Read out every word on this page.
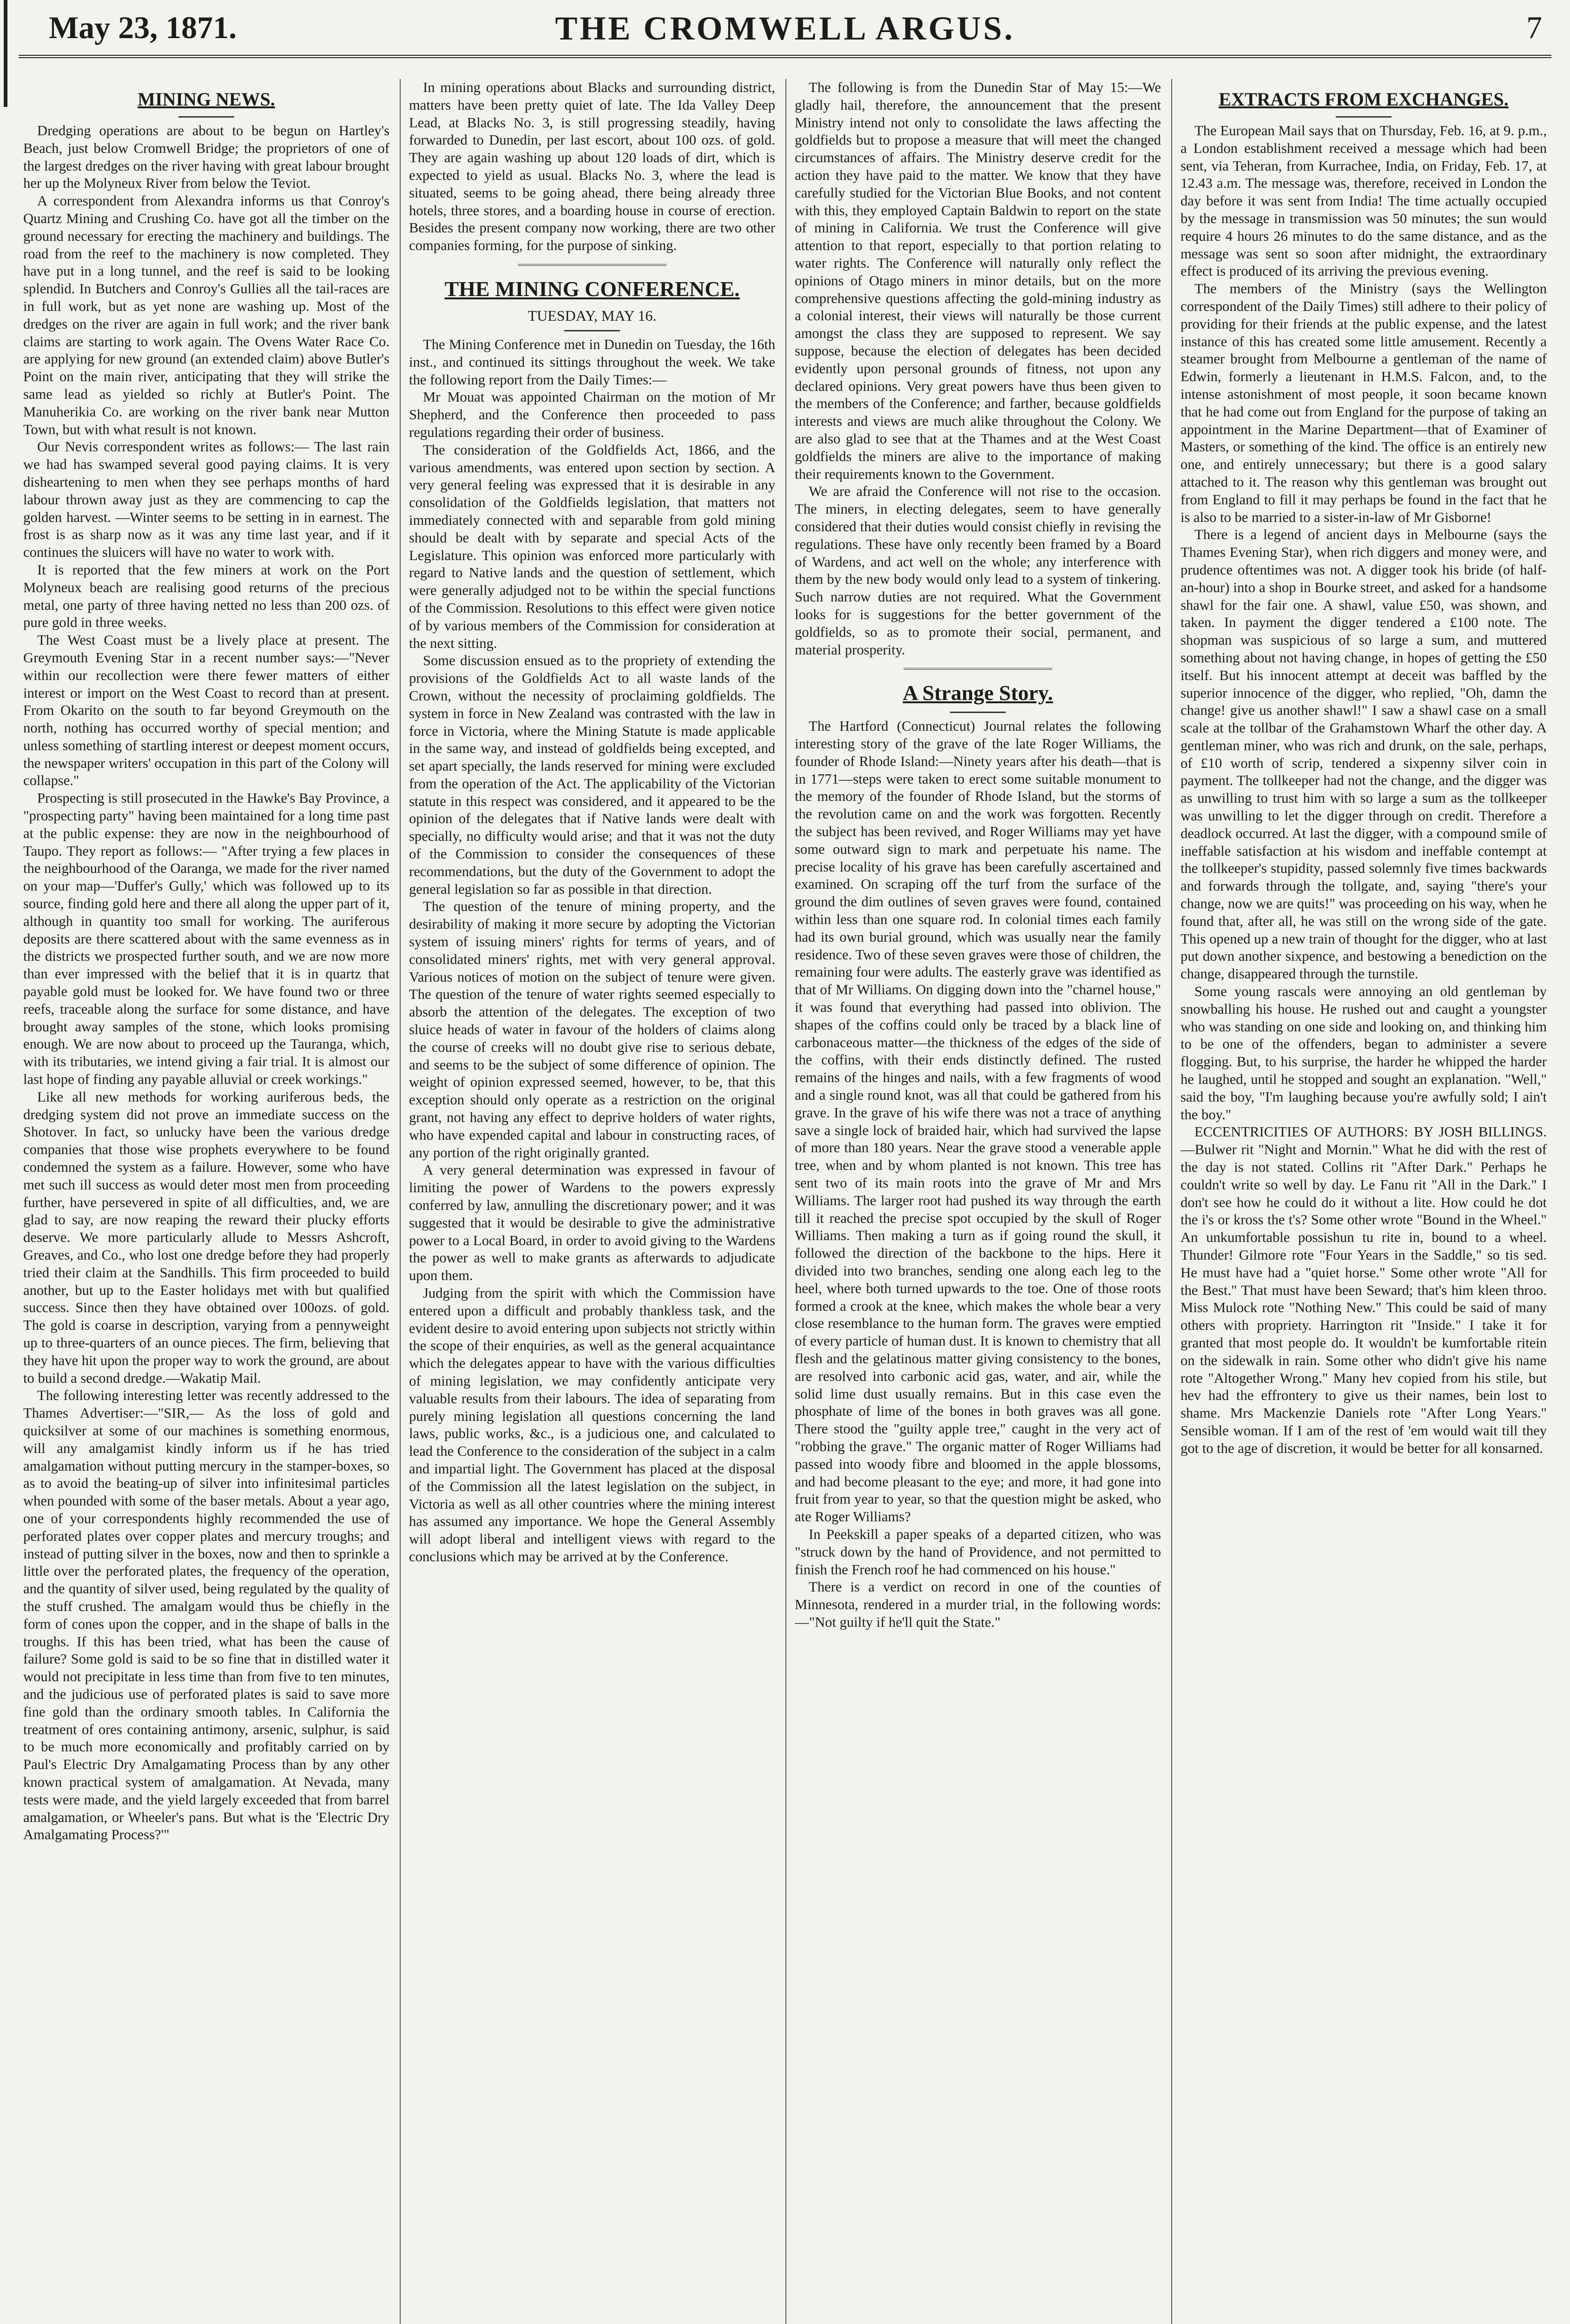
May 23, 1871.	THE CROMWELL ARGUS.	7
MINING NEWS.

Dredging operations are about to be begun on Hartley's Beach, just below Cromwell Bridge; the proprietors of one of the largest dredges on the river having with great labour brought her up the Molyneux River from below the Teviot.

A correspondent from Alexandra informs us that Conroy's Quartz Mining and Crushing Co. have got all the timber on the ground necessary for erecting the machinery and buildings. The road from the reef to the machinery is now completed. They have put in a long tunnel, and the reef is said to be looking splendid. In Butchers and Conroy's Gullies all the tail-races are in full work, but as yet none are washing up. Most of the dredges on the river are again in full work; and the river bank claims are starting to work again. The Ovens Water Race Co. are applying for new ground (an extended claim) above Butler's Point on the main river, anticipating that they will strike the same lead as yielded so richly at Butler's Point. The Manuherikia Co. are working on the river bank near Mutton Town, but with what result is not known.

Our Nevis correspondent writes as follows:— The last rain we had has swamped several good paying claims. It is very disheartening to men when they see perhaps months of hard labour thrown away just as they are commencing to cap the golden harvest. —Winter seems to be setting in in earnest. The frost is as sharp now as it was any time last year, and if it continues the sluicers will have no water to work with.

It is reported that the few miners at work on the Port Molyneux beach are realising good returns of the precious metal, one party of three having netted no less than 200 ozs. of pure gold in three weeks.

The West Coast must be a lively place at present. The Greymouth Evening Star in a recent number says:—"Never within our recollection were there fewer matters of either interest or import on the West Coast to record than at present. From Okarito on the south to far beyond Greymouth on the north, nothing has occurred worthy of special mention; and unless something of startling interest or deepest moment occurs, the newspaper writers' occupation in this part of the Colony will collapse."

Prospecting is still prosecuted in the Hawke's Bay Province, a "prospecting party" having been maintained for a long time past at the public expense: they are now in the neighbourhood of Taupo. They report as follows:— "After trying a few places in the neighbourhood of the Oaranga, we made for the river named on your map—'Duffer's Gully,' which was followed up to its source, finding gold here and there all along the upper part of it, although in quantity too small for working. The auriferous deposits are there scattered about with the same evenness as in the districts we prospected further south, and we are now more than ever impressed with the belief that it is in quartz that payable gold must be looked for. We have found two or three reefs, traceable along the surface for some distance, and have brought away samples of the stone, which looks promising enough. We are now about to proceed up the Tauranga, which, with its tributaries, we intend giving a fair trial. It is almost our last hope of finding any payable alluvial or creek workings."

Like all new methods for working auriferous beds, the dredging system did not prove an immediate success on the Shotover. In fact, so unlucky have been the various dredge companies that those wise prophets everywhere to be found condemned the system as a failure. However, some who have met such ill success as would deter most men from proceeding further, have persevered in spite of all difficulties, and, we are glad to say, are now reaping the reward their plucky efforts deserve. We more particularly allude to Messrs Ashcroft, Greaves, and Co., who lost one dredge before they had properly tried their claim at the Sandhills. This firm proceeded to build another, but up to the Easter holidays met with but qualified success. Since then they have obtained over 100ozs. of gold. The gold is coarse in description, varying from a pennyweight up to three-quarters of an ounce pieces. The firm, believing that they have hit upon the proper way to work the ground, are about to build a second dredge.—Wakatip Mail.

The following interesting letter was recently addressed to the Thames Advertiser:—"SIR,— As the loss of gold and quicksilver at some of our machines is something enormous, will any amalgamist kindly inform us if he has tried amalgamation without putting mercury in the stamper-boxes, so as to avoid the beating-up of silver into infinitesimal particles when pounded with some of the baser metals. About a year ago, one of your correspondents highly recommended the use of perforated plates over copper plates and mercury troughs; and instead of putting silver in the boxes, now and then to sprinkle a little over the perforated plates, the frequency of the operation, and the quantity of silver used, being regulated by the quality of the stuff crushed. The amalgam would thus be chiefly in the form of cones upon the copper, and in the shape of balls in the troughs. If this has been tried, what has been the cause of failure? Some gold is said to be so fine that in distilled water it would not precipitate in less time than from five to ten minutes, and the judicious use of perforated plates is said to save more fine gold than the ordinary smooth tables. In California the treatment of ores containing antimony, arsenic, sulphur, is said to be much more economically and profitably carried on by Paul's Electric Dry Amalgamating Process than by any other known practical system of amalgamation. At Nevada, many tests were made, and the yield largely exceeded that from barrel amalgamation, or Wheeler's pans. But what is the 'Electric Dry Amalgamating Process?'"

In mining operations about Blacks and surrounding district, matters have been pretty quiet of late. The Ida Valley Deep Lead, at Blacks No. 3, is still progressing steadily, having forwarded to Dunedin, per last escort, about 100 ozs. of gold. They are again washing up about 120 loads of dirt, which is expected to yield as usual. Blacks No. 3, where the lead is situated, seems to be going ahead, there being already three hotels, three stores, and a boarding house in course of erection. Besides the present company now working, there are two other companies forming, for the purpose of sinking.

THE MINING CONFERENCE.
TUESDAY, MAY 16.

The Mining Conference met in Dunedin on Tuesday, the 16th inst., and continued its sittings throughout the week. We take the following report from the Daily Times:—

Mr Mouat was appointed Chairman on the motion of Mr Shepherd, and the Conference then proceeded to pass regulations regarding their order of business.

The consideration of the Goldfields Act, 1866, and the various amendments, was entered upon section by section. A very general feeling was expressed that it is desirable in any consolidation of the Goldfields legislation, that matters not immediately connected with and separable from gold mining should be dealt with by separate and special Acts of the Legislature. This opinion was enforced more particularly with regard to Native lands and the question of settlement, which were generally adjudged not to be within the special functions of the Commission. Resolutions to this effect were given notice of by various members of the Commission for consideration at the next sitting.

Some discussion ensued as to the propriety of extending the provisions of the Goldfields Act to all waste lands of the Crown, without the necessity of proclaiming goldfields. The system in force in New Zealand was contrasted with the law in force in Victoria, where the Mining Statute is made applicable in the same way, and instead of goldfields being excepted, and set apart specially, the lands reserved for mining were excluded from the operation of the Act. The applicability of the Victorian statute in this respect was considered, and it appeared to be the opinion of the delegates that if Native lands were dealt with specially, no difficulty would arise; and that it was not the duty of the Commission to consider the consequences of these recommendations, but the duty of the Government to adopt the general legislation so far as possible in that direction.

The question of the tenure of mining property, and the desirability of making it more secure by adopting the Victorian system of issuing miners' rights for terms of years, and of consolidated miners' rights, met with very general approval. Various notices of motion on the subject of tenure were given. The question of the tenure of water rights seemed especially to absorb the attention of the delegates. The exception of two sluice heads of water in favour of the holders of claims along the course of creeks will no doubt give rise to serious debate, and seems to be the subject of some difference of opinion. The weight of opinion expressed seemed, however, to be, that this exception should only operate as a restriction on the original grant, not having any effect to deprive holders of water rights, who have expended capital and labour in constructing races, of any portion of the right originally granted.

A very general determination was expressed in favour of limiting the power of Wardens to the powers expressly conferred by law, annulling the discretionary power; and it was suggested that it would be desirable to give the administrative power to a Local Board, in order to avoid giving to the Wardens the power as well to make grants as afterwards to adjudicate upon them.

Judging from the spirit with which the Commission have entered upon a difficult and probably thankless task, and the evident desire to avoid entering upon subjects not strictly within the scope of their enquiries, as well as the general acquaintance which the delegates appear to have with the various difficulties of mining legislation, we may confidently anticipate very valuable results from their labours. The idea of separating from purely mining legislation all questions concerning the land laws, public works, &c., is a judicious one, and calculated to lead the Conference to the consideration of the subject in a calm and impartial light. The Government has placed at the disposal of the Commission all the latest legislation on the subject, in Victoria as well as all other countries where the mining interest has assumed any importance. We hope the General Assembly will adopt liberal and intelligent views with regard to the conclusions which may be arrived at by the Conference.

The following is from the Dunedin Star of May 15:—We gladly hail, therefore, the announcement that the present Ministry intend not only to consolidate the laws affecting the goldfields but to propose a measure that will meet the changed circumstances of affairs. The Ministry deserve credit for the action they have paid to the matter. We know that they have carefully studied for the Victorian Blue Books, and not content with this, they employed Captain Baldwin to report on the state of mining in California. We trust the Conference will give attention to that report, especially to that portion relating to water rights. The Conference will naturally only reflect the opinions of Otago miners in minor details, but on the more comprehensive questions affecting the gold-mining industry as a colonial interest, their views will naturally be those current amongst the class they are supposed to represent. We say suppose, because the election of delegates has been decided evidently upon personal grounds of fitness, not upon any declared opinions. Very great powers have thus been given to the members of the Conference; and farther, because goldfields interests and views are much alike throughout the Colony. We are also glad to see that at the Thames and at the West Coast goldfields the miners are alive to the importance of making their requirements known to the Government.

We are afraid the Conference will not rise to the occasion. The miners, in electing delegates, seem to have generally considered that their duties would consist chiefly in revising the regulations. These have only recently been framed by a Board of Wardens, and act well on the whole; any interference with them by the new body would only lead to a system of tinkering. Such narrow duties are not required. What the Government looks for is suggestions for the better government of the goldfields, so as to promote their social, permanent, and material prosperity.

A Strange Story.

The Hartford (Connecticut) Journal relates the following interesting story of the grave of the late Roger Williams, the founder of Rhode Island:—Ninety years after his death—that is in 1771—steps were taken to erect some suitable monument to the memory of the founder of Rhode Island, but the storms of the revolution came on and the work was forgotten. Recently the subject has been revived, and Roger Williams may yet have some outward sign to mark and perpetuate his name. The precise locality of his grave has been carefully ascertained and examined. On scraping off the turf from the surface of the ground the dim outlines of seven graves were found, contained within less than one square rod. In colonial times each family had its own burial ground, which was usually near the family residence. Two of these seven graves were those of children, the remaining four were adults. The easterly grave was identified as that of Mr Williams. On digging down into the "charnel house," it was found that everything had passed into oblivion. The shapes of the coffins could only be traced by a black line of carbonaceous matter—the thickness of the edges of the side of the coffins, with their ends distinctly defined. The rusted remains of the hinges and nails, with a few fragments of wood and a single round knot, was all that could be gathered from his grave. In the grave of his wife there was not a trace of anything save a single lock of braided hair, which had survived the lapse of more than 180 years. Near the grave stood a venerable apple tree, when and by whom planted is not known. This tree has sent two of its main roots into the grave of Mr and Mrs Williams. The larger root had pushed its way through the earth till it reached the precise spot occupied by the skull of Roger Williams. Then making a turn as if going round the skull, it followed the direction of the backbone to the hips. Here it divided into two branches, sending one along each leg to the heel, where both turned upwards to the toe. One of those roots formed a crook at the knee, which makes the whole bear a very close resemblance to the human form. The graves were emptied of every particle of human dust. It is known to chemistry that all flesh and the gelatinous matter giving consistency to the bones, are resolved into carbonic acid gas, water, and air, while the solid lime dust usually remains. But in this case even the phosphate of lime of the bones in both graves was all gone. There stood the "guilty apple tree," caught in the very act of "robbing the grave." The organic matter of Roger Williams had passed into woody fibre and bloomed in the apple blossoms, and had become pleasant to the eye; and more, it had gone into fruit from year to year, so that the question might be asked, who ate Roger Williams?

In Peekskill a paper speaks of a departed citizen, who was "struck down by the hand of Providence, and not permitted to finish the French roof he had commenced on his house."

There is a verdict on record in one of the counties of Minnesota, rendered in a murder trial, in the following words:—"Not guilty if he'll quit the State."

EXTRACTS FROM EXCHANGES.

The European Mail says that on Thursday, Feb. 16, at 9. p.m., a London establishment received a message which had been sent, via Teheran, from Kurrachee, India, on Friday, Feb. 17, at 12.43 a.m. The message was, therefore, received in London the day before it was sent from India! The time actually occupied by the message in transmission was 50 minutes; the sun would require 4 hours 26 minutes to do the same distance, and as the message was sent so soon after midnight, the extraordinary effect is produced of its arriving the previous evening.

The members of the Ministry (says the Wellington correspondent of the Daily Times) still adhere to their policy of providing for their friends at the public expense, and the latest instance of this has created some little amusement. Recently a steamer brought from Melbourne a gentleman of the name of Edwin, formerly a lieutenant in H.M.S. Falcon, and, to the intense astonishment of most people, it soon became known that he had come out from England for the purpose of taking an appointment in the Marine Department—that of Examiner of Masters, or something of the kind. The office is an entirely new one, and entirely unnecessary; but there is a good salary attached to it. The reason why this gentleman was brought out from England to fill it may perhaps be found in the fact that he is also to be married to a sister-in-law of Mr Gisborne!

There is a legend of ancient days in Melbourne (says the Thames Evening Star), when rich diggers and money were, and prudence oftentimes was not. A digger took his bride (of half-an-hour) into a shop in Bourke street, and asked for a handsome shawl for the fair one. A shawl, value £50, was shown, and taken. In payment the digger tendered a £100 note. The shopman was suspicious of so large a sum, and muttered something about not having change, in hopes of getting the £50 itself. But his innocent attempt at deceit was baffled by the superior innocence of the digger, who replied, "Oh, damn the change! give us another shawl!" I saw a shawl case on a small scale at the tollbar of the Grahamstown Wharf the other day. A gentleman miner, who was rich and drunk, on the sale, perhaps, of £10 worth of scrip, tendered a sixpenny silver coin in payment. The tollkeeper had not the change, and the digger was as unwilling to trust him with so large a sum as the tollkeeper was unwilling to let the digger through on credit. Therefore a deadlock occurred. At last the digger, with a compound smile of ineffable satisfaction at his wisdom and ineffable contempt at the tollkeeper's stupidity, passed solemnly five times backwards and forwards through the tollgate, and, saying "there's your change, now we are quits!" was proceeding on his way, when he found that, after all, he was still on the wrong side of the gate. This opened up a new train of thought for the digger, who at last put down another sixpence, and bestowing a benediction on the change, disappeared through the turnstile.

Some young rascals were annoying an old gentleman by snowballing his house. He rushed out and caught a youngster who was standing on one side and looking on, and thinking him to be one of the offenders, began to administer a severe flogging. But, to his surprise, the harder he whipped the harder he laughed, until he stopped and sought an explanation. "Well," said the boy, "I'm laughing because you're awfully sold; I ain't the boy."

ECCENTRICITIES OF AUTHORS: BY JOSH BILLINGS.—Bulwer rit "Night and Mornin." What he did with the rest of the day is not stated. Collins rit "After Dark." Perhaps he couldn't write so well by day. Le Fanu rit "All in the Dark." I don't see how he could do it without a lite. How could he dot the i's or kross the t's? Some other wrote "Bound in the Wheel." An unkumfortable possishun tu rite in, bound to a wheel. Thunder! Gilmore rote "Four Years in the Saddle," so tis sed. He must have had a "quiet horse." Some other wrote "All for the Best." That must have been Seward; that's him kleen throo. Miss Mulock rote "Nothing New." This could be said of many others with propriety. Harrington rit "Inside." I take it for granted that most people do. It wouldn't be kumfortable ritein on the sidewalk in rain. Some other who didn't give his name rote "Altogether Wrong." Many hev copied from his stile, but hev had the effrontery to give us their names, bein lost to shame. Mrs Mackenzie Daniels rote "After Long Years." Sensible woman. If I am of the rest of 'em would wait till they got to the age of discretion, it would be better for all konsarned.
